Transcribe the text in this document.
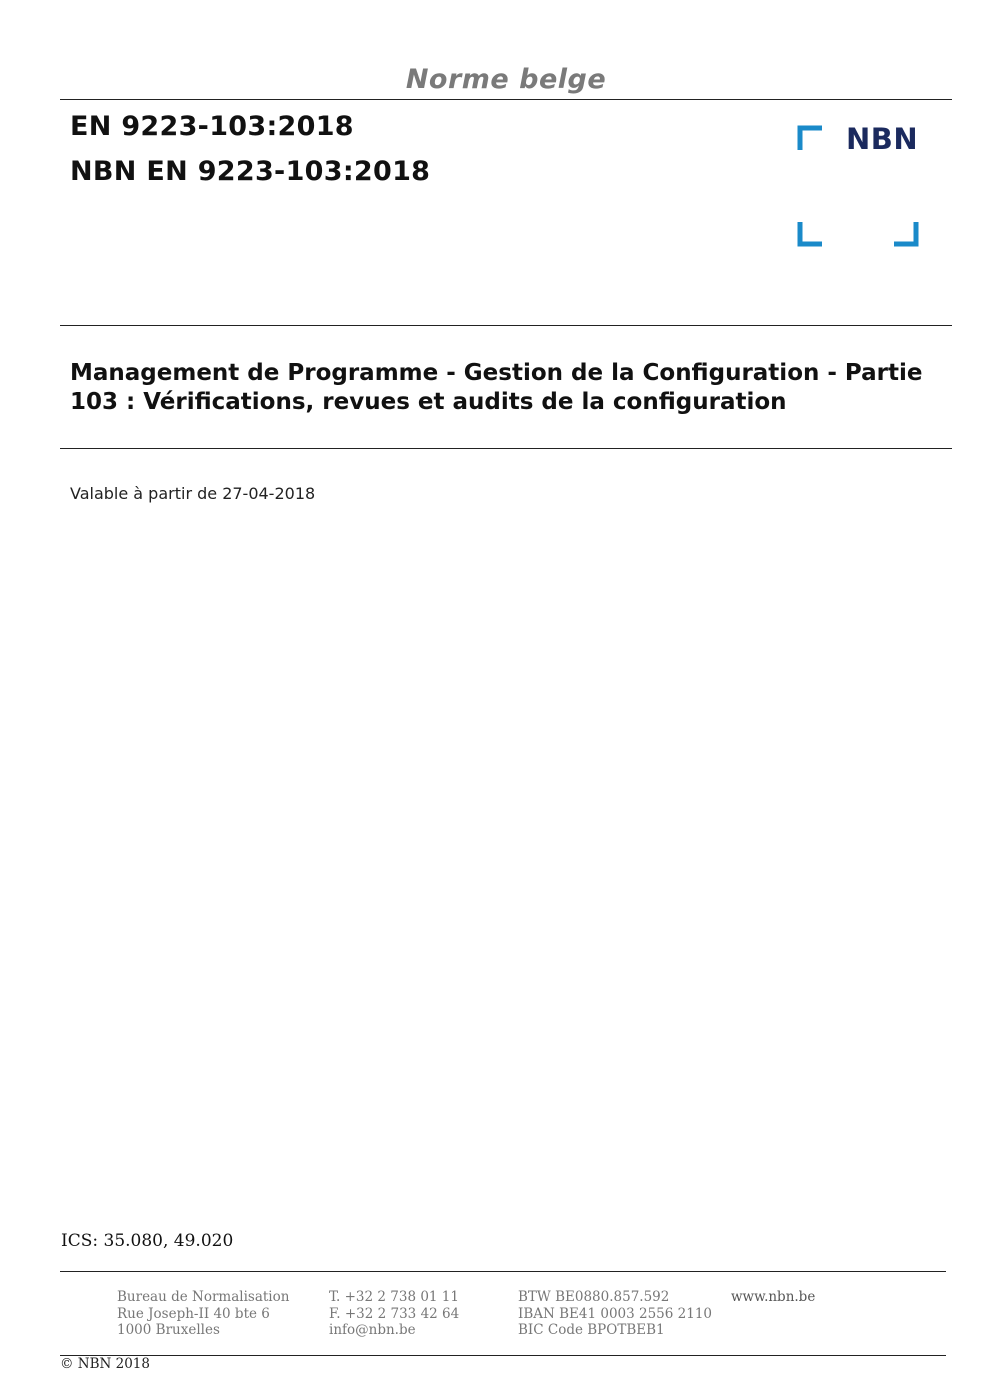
Norme belge
EN 9223-103:2018
NBN EN 9223-103:2018
NBN
Management de Programme - Gestion de la Configuration - Partie
103 : Vérifications, revues et audits de la configuration
Valable à partir de 27-04-2018
ICS: 35.080, 49.020
Bureau de Normalisation
Rue Joseph-II 40 bte 6
1000 Bruxelles
T. +32 2 738 01 11
F. +32 2 733 42 64
info@nbn.be
BTW BE0880.857.592
IBAN BE41 0003 2556 2110
BIC Code BPOTBEB1
www.nbn.be
© NBN 2018
